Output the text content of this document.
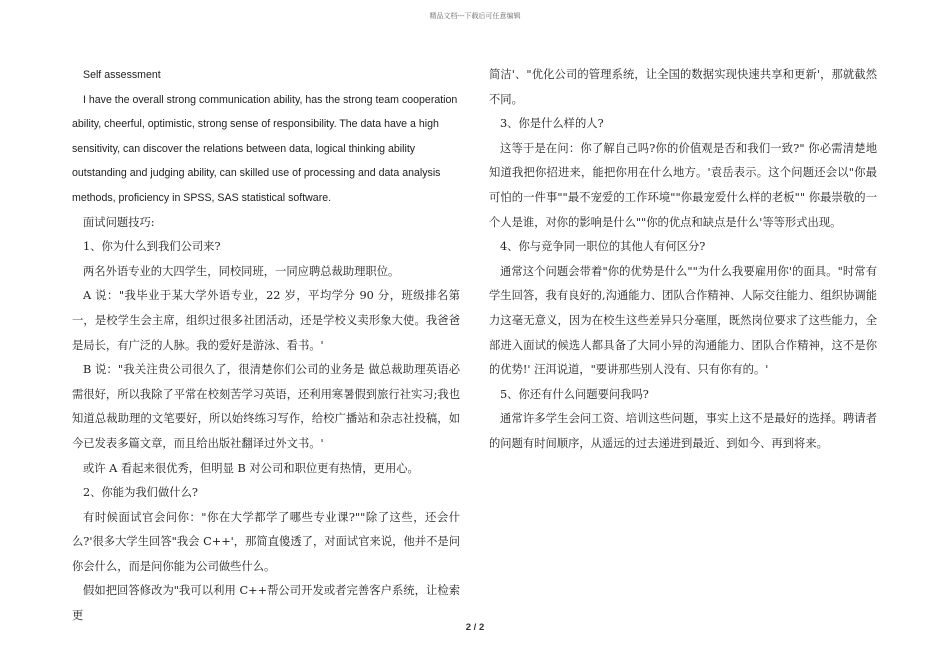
精品文档---下载后可任意编辑

Self assessment

I have the overall strong communication ability, has the strong team cooperation ability, cheerful, optimistic, strong sense of responsibility. The data have a high sensitivity, can discover the relations between data, logical thinking ability outstanding and judging ability, can skilled use of processing and data analysis methods, proficiency in SPSS, SAS statistical software.

面试问题技巧:

1、你为什么到我们公司来?

两名外语专业的大四学生，同校同班，一同应聘总裁助理职位。

A 说："我毕业于某大学外语专业，22 岁，平均学分 90 分，班级排名第一，是校学生会主席，组织过很多社团活动，还是学校义卖形象大使。我爸爸是局长，有广泛的人脉。我的爱好是游泳、看书。'

B 说："我关注贵公司很久了，很清楚你们公司的业务是 做总裁助理英语必需很好，所以我除了平常在校刻苦学习英语，还利用寒暑假到旅行社实习;我也知道总裁助理的文笔要好，所以始终练习写作，给校广播站和杂志社投稿，如今已发表多篇文章，而且给出版社翻译过外文书。'

或许 A 看起来很优秀，但明显 B 对公司和职位更有热情，更用心。

2、你能为我们做什么?

有时候面试官会问你："你在大学都学了哪些专业课?""除了这些，还会什么?'很多大学生回答"我会 C++'，那简直傻透了，对面试官来说，他并不是问你会什么，而是问你能为公司做些什么。

假如把回答修改为"我可以利用 C++帮公司开发或者完善客户系统，让检索更

简洁'、"优化公司的管理系统，让全国的数据实现快速共享和更新'，那就截然不同。

3、你是什么样的人?

这等于是在问：你了解自己吗?你的价值观是否和我们一致?" 你必需清楚地知道我把你招进来，能把你用在什么地方。'袁岳表示。这个问题还会以"你最可怕的一件事""最不宠爱的工作环境""你最宠爱什么样的老板"" 你最崇敬的一个人是谁，对你的影响是什么""你的优点和缺点是什么'等等形式出现。

4、你与竞争同一职位的其他人有何区分?

通常这个问题会带着"你的优势是什么""为什么我要雇用你'的面具。"时常有学生回答，我有良好的,沟通能力、团队合作精神、人际交往能力、组织协调能力这毫无意义，因为在校生这些差异只分毫厘，既然岗位要求了这些能力，全部进入面试的候选人都具备了大同小异的沟通能力、团队合作精神，这不是你的优势!' 汪洱说道，"要讲那些别人没有、只有你有的。'

5、你还有什么问题要问我吗?

通常许多学生会问工资、培训这些问题，事实上这不是最好的选择。聘请者的问题有时间顺序，从遥远的过去递进到最近、到如今、再到将来。

2 / 2
